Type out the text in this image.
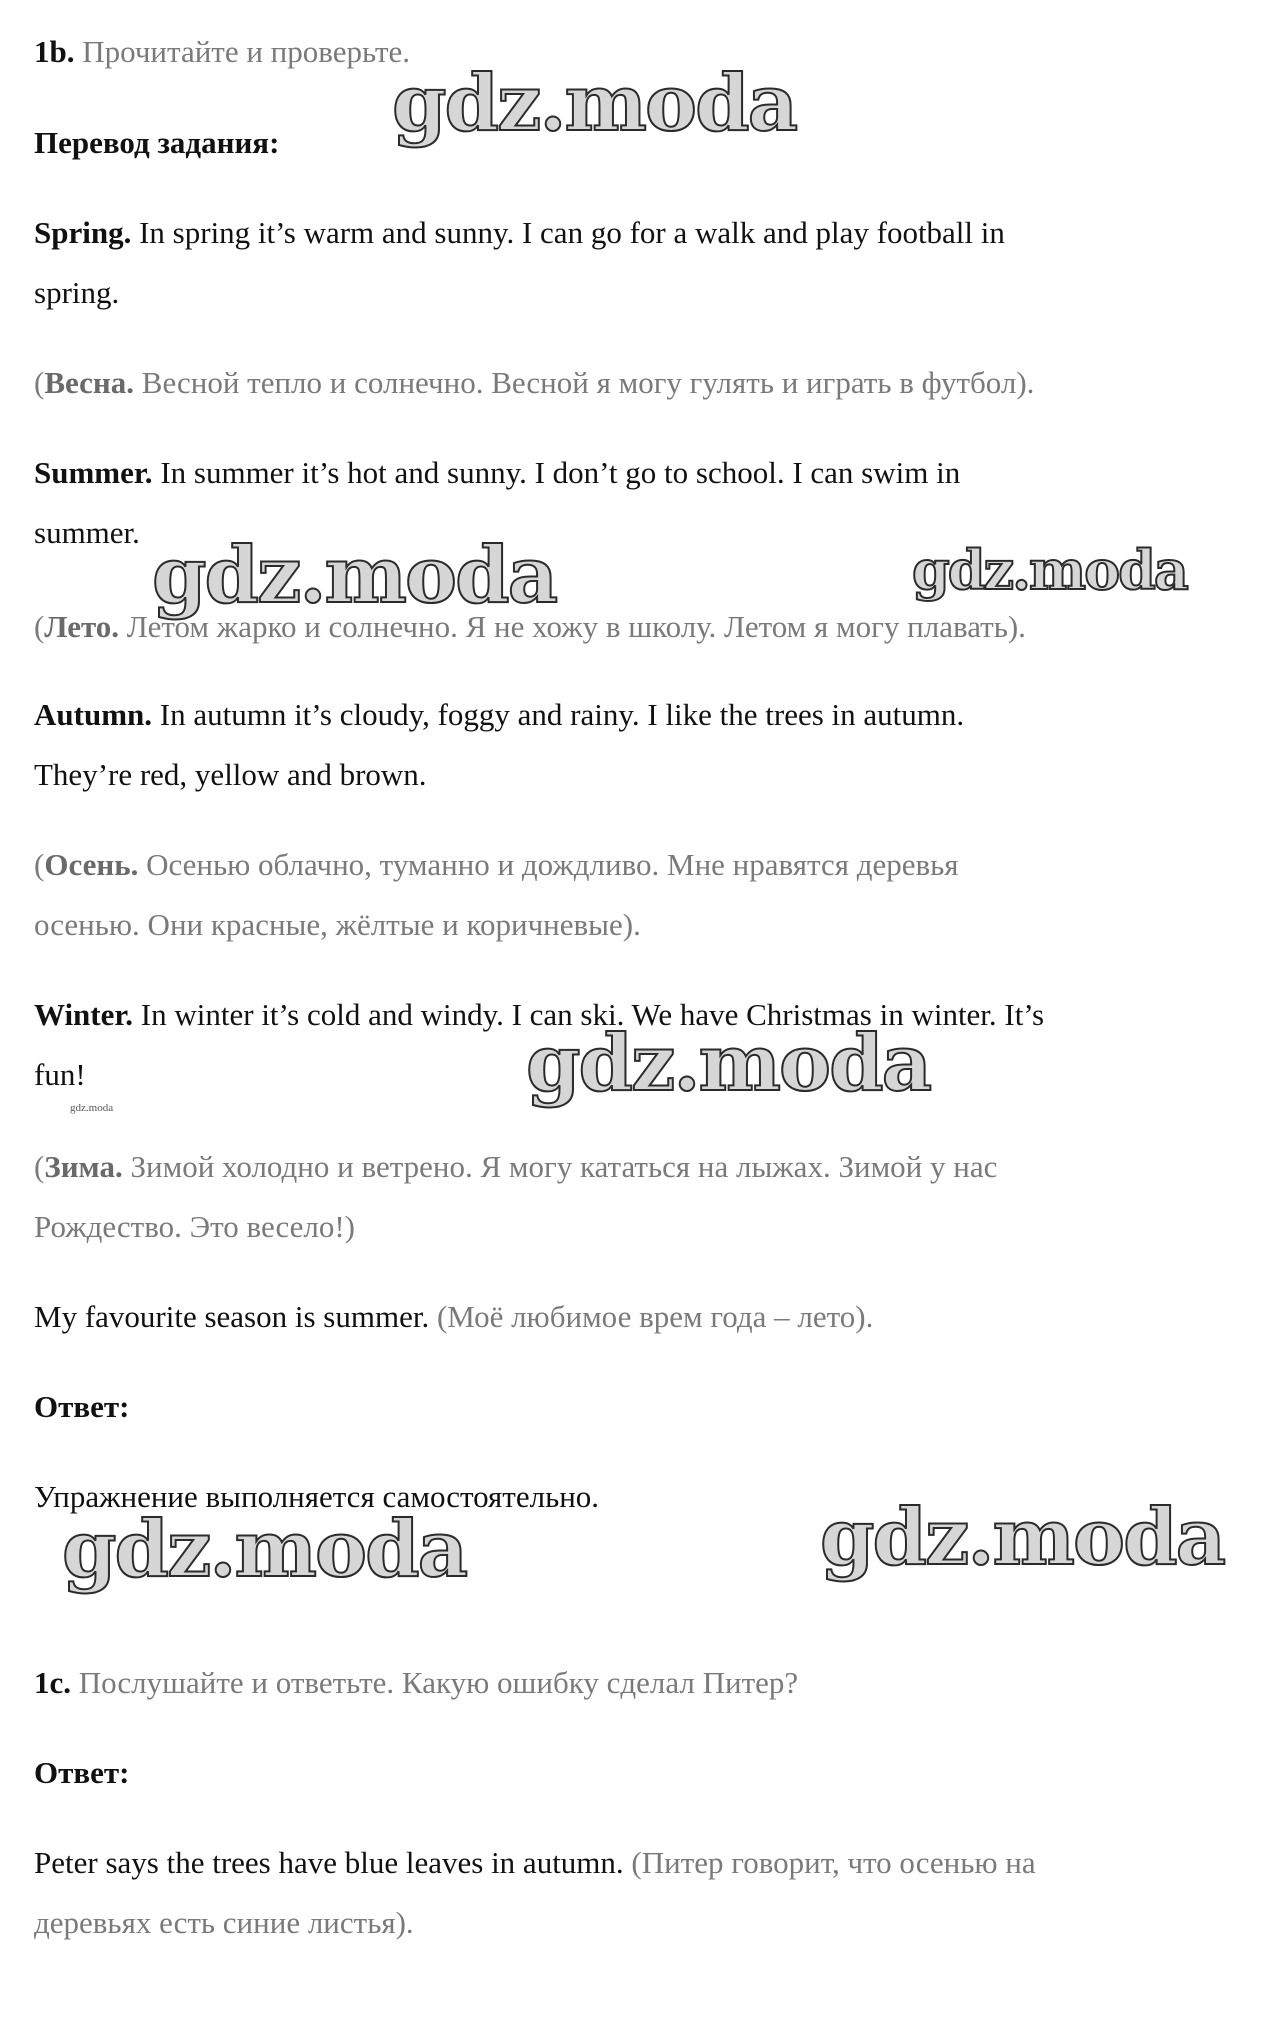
1b. Прочитайте и проверьте.
Перевод задания:
Spring. In spring it’s warm and sunny. I can go for a walk and play football in
spring.
(Весна. Весной тепло и солнечно. Весной я могу гулять и играть в футбол).
Summer. In summer it’s hot and sunny. I don’t go to school. I can swim in
summer.
(Лето. Летом жарко и солнечно. Я не хожу в школу. Летом я могу плавать).
Autumn. In autumn it’s cloudy, foggy and rainy. I like the trees in autumn.
They’re red, yellow and brown.
(Осень. Осенью облачно, туманно и дождливо. Мне нравятся деревья
осенью. Они красные, жёлтые и коричневые).
Winter. In winter it’s cold and windy. I can ski. We have Christmas in winter. It’s
fun!
(Зима. Зимой холодно и ветрено. Я могу кататься на лыжах. Зимой у нас
Рождество. Это весело!)
My favourite season is summer. (Моё любимое врем года – лето).
Ответ:
Упражнение выполняется самостоятельно.
1c. Послушайте и ответьте. Какую ошибку сделал Питер?
Ответ:
Peter says the trees have blue leaves in autumn. (Питер говорит, что осенью на
деревьях есть синие листья).
gdz.moda
gdz.moda	gdz.moda
gdz.moda
gdz.moda
gdz.moda	gdz.moda
